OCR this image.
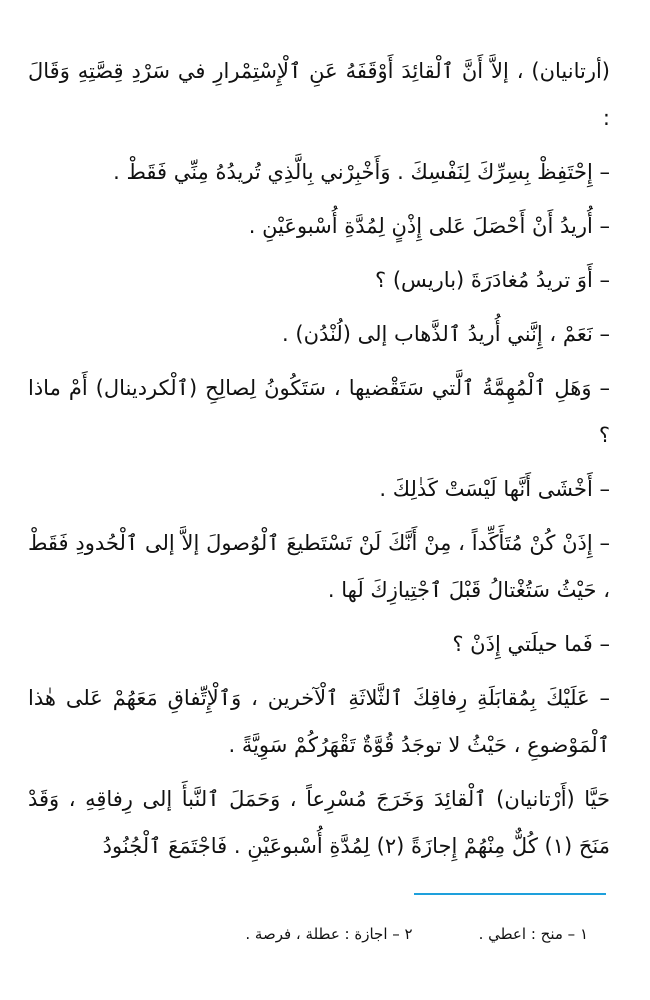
(أرتانيان) ، إلاَّ أَنَّ ٱلْقائِدَ أَوْقَفَهُ عَنِ ٱلْإِسْتِمْرارِ في سَرْدِ قِصَّتِهِ وَقَالَ :

– إِحْتَفِظْ بِسِرِّكَ لِنَفْسِكَ . وَأَخْبِرْني بِالَّذِي تُريدُهُ مِنِّي فَقَطْ .

– أُريدُ أَنْ أَحْصَلَ عَلى إِذْنٍ لِمُدَّةِ أُسْبوعَيْنِ .

– أَوَ تريدُ مُغادَرَةَ (باريس) ؟

– نَعَمْ ، إِنَّني أُريدُ ٱلذَّهاب إلى (لُنْدُن) .

– وَهَلِ ٱلْمُهِمَّةُ ٱلَّتي سَتَقْضيها ، سَتَكُونُ لِصالِحِ (ٱلْكردينال) أَمْ ماذا ؟

– أَخْشَى أَنَّها لَيْسَتْ كَذٰلِكَ .

– إِذَنْ كُنْ مُتَأَكِّداً ، مِنْ أَنَّكَ لَنْ تَسْتَطيعَ ٱلْوُصولَ إلاَّ إلى ٱلْحُدودِ فَقَطْ ، حَيْثُ سَتُغْتالُ قَبْلَ ٱجْتِيازِكَ لَها .

– فَما حيلَتي إِذَنْ ؟

– عَلَيْكَ بِمُقابَلَةِ رِفاقِكَ ٱلثَّلاثَةِ ٱلْآخرين ، وَٱلْإِتِّفاقِ مَعَهُمْ عَلى هٰذا ٱلْمَوْضوعِ ، حَيْثُ لا توجَدُ قُوَّةٌ تَقْهَرُكُمْ سَوِيَّةً .

حَيَّا (أَرْتانيان) ٱلْقائِدَ وَخَرَجَ مُسْرِعاً ، وَحَمَلَ ٱلنَّبأَ إلى رِفاقِهِ ، وَقَدْ مَنَحَ (١) كُلٌّ مِنْهُمْ إِجازَةً (٢) لِمُدَّةِ أُسْبوعَيْنِ . فَاجْتَمَعَ ٱلْجُنُودُ

١ – منح : اعطي .
٢ – اجازة : عطلة ، فرصة .
